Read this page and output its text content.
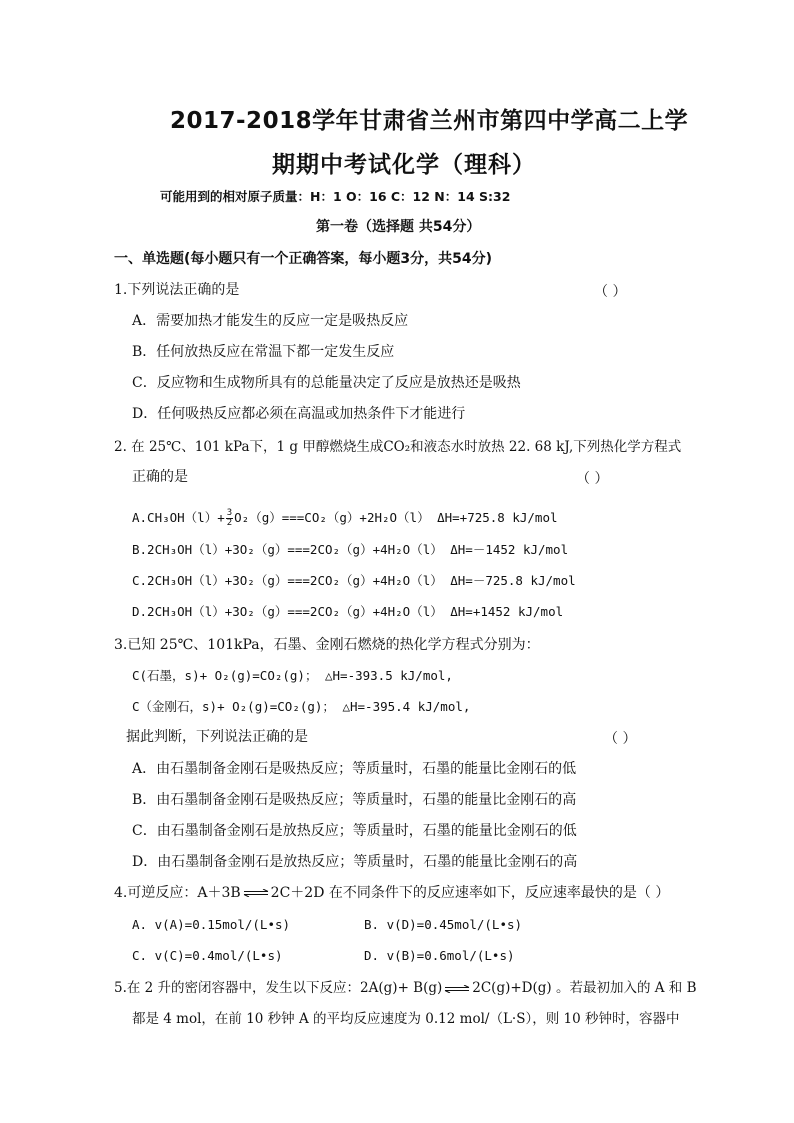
2017-2018学年甘肃省兰州市第四中学高二上学
期期中考试化学（理科）
可能用到的相对原子质量：H：1 O：16 C：12 N：14 S:32
第一卷（选择题 共54分）
一、单选题(每小题只有一个正确答案，每小题3分，共54分)
1.下列说法正确的是	（ ）
A．需要加热才能发生的反应一定是吸热反应
B．任何放热反应在常温下都一定发生反应
C．反应物和生成物所具有的总能量决定了反应是放热还是吸热
D．任何吸热反应都必须在高温或加热条件下才能进行
2. 在 25℃、101 kPa下，1 g 甲醇燃烧生成CO₂和液态水时放热 22. 68 kJ,下列热化学方程式
正确的是	（ ）
$A.CH_3OH(l)+ \frac{3}{2} O_2(g)===CO_2(g)+2H_2O(l)$ ΔH=+725.8 kJ/mol
B.2CH₃OH（l）+3O₂（g）===2CO₂（g）+4H₂O（l） ΔH=－1452 kJ/mol
C.2CH₃OH（l）+3O₂（g）===2CO₂（g）+4H₂O（l） ΔH=－725.8 kJ/mol
D.2CH₃OH（l）+3O₂（g）===2CO₂（g）+4H₂O（l） ΔH=+1452 kJ/mol
3.已知 25℃、101kPa，石墨、金刚石燃烧的热化学方程式分别为：
C(石墨，s)+ O₂(g)=CO₂(g)； △H=-393.5 kJ/mol,
C（金刚石，s)+ O₂(g)=CO₂(g)； △H=-395.4 kJ/mol,
据此判断，下列说法正确的是	（ ）
A．由石墨制备金刚石是吸热反应；等质量时，石墨的能量比金刚石的低
B．由石墨制备金刚石是吸热反应；等质量时，石墨的能量比金刚石的高
C．由石墨制备金刚石是放热反应；等质量时，石墨的能量比金刚石的低
D．由石墨制备金刚石是放热反应；等质量时，石墨的能量比金刚石的高
4.可逆反应：A＋3B ⇌ 2C＋2D 在不同条件下的反应速率如下，反应速率最快的是（ ）
A. v(A)=0.15mol/(L•s)	B. v(D)=0.45mol/(L•s)
C. v(C)=0.4mol/(L•s)	D. v(B)=0.6mol/(L•s)
5.在 2 升的密闭容器中，发生以下反应：2A(g)+ B(g) ⇌ 2C(g)+D(g) 。若最初加入的 A 和 B
都是 4 mol，在前 10 秒钟 A 的平均反应速度为 0.12 mol/（L·S），则 10 秒钟时，容器中
